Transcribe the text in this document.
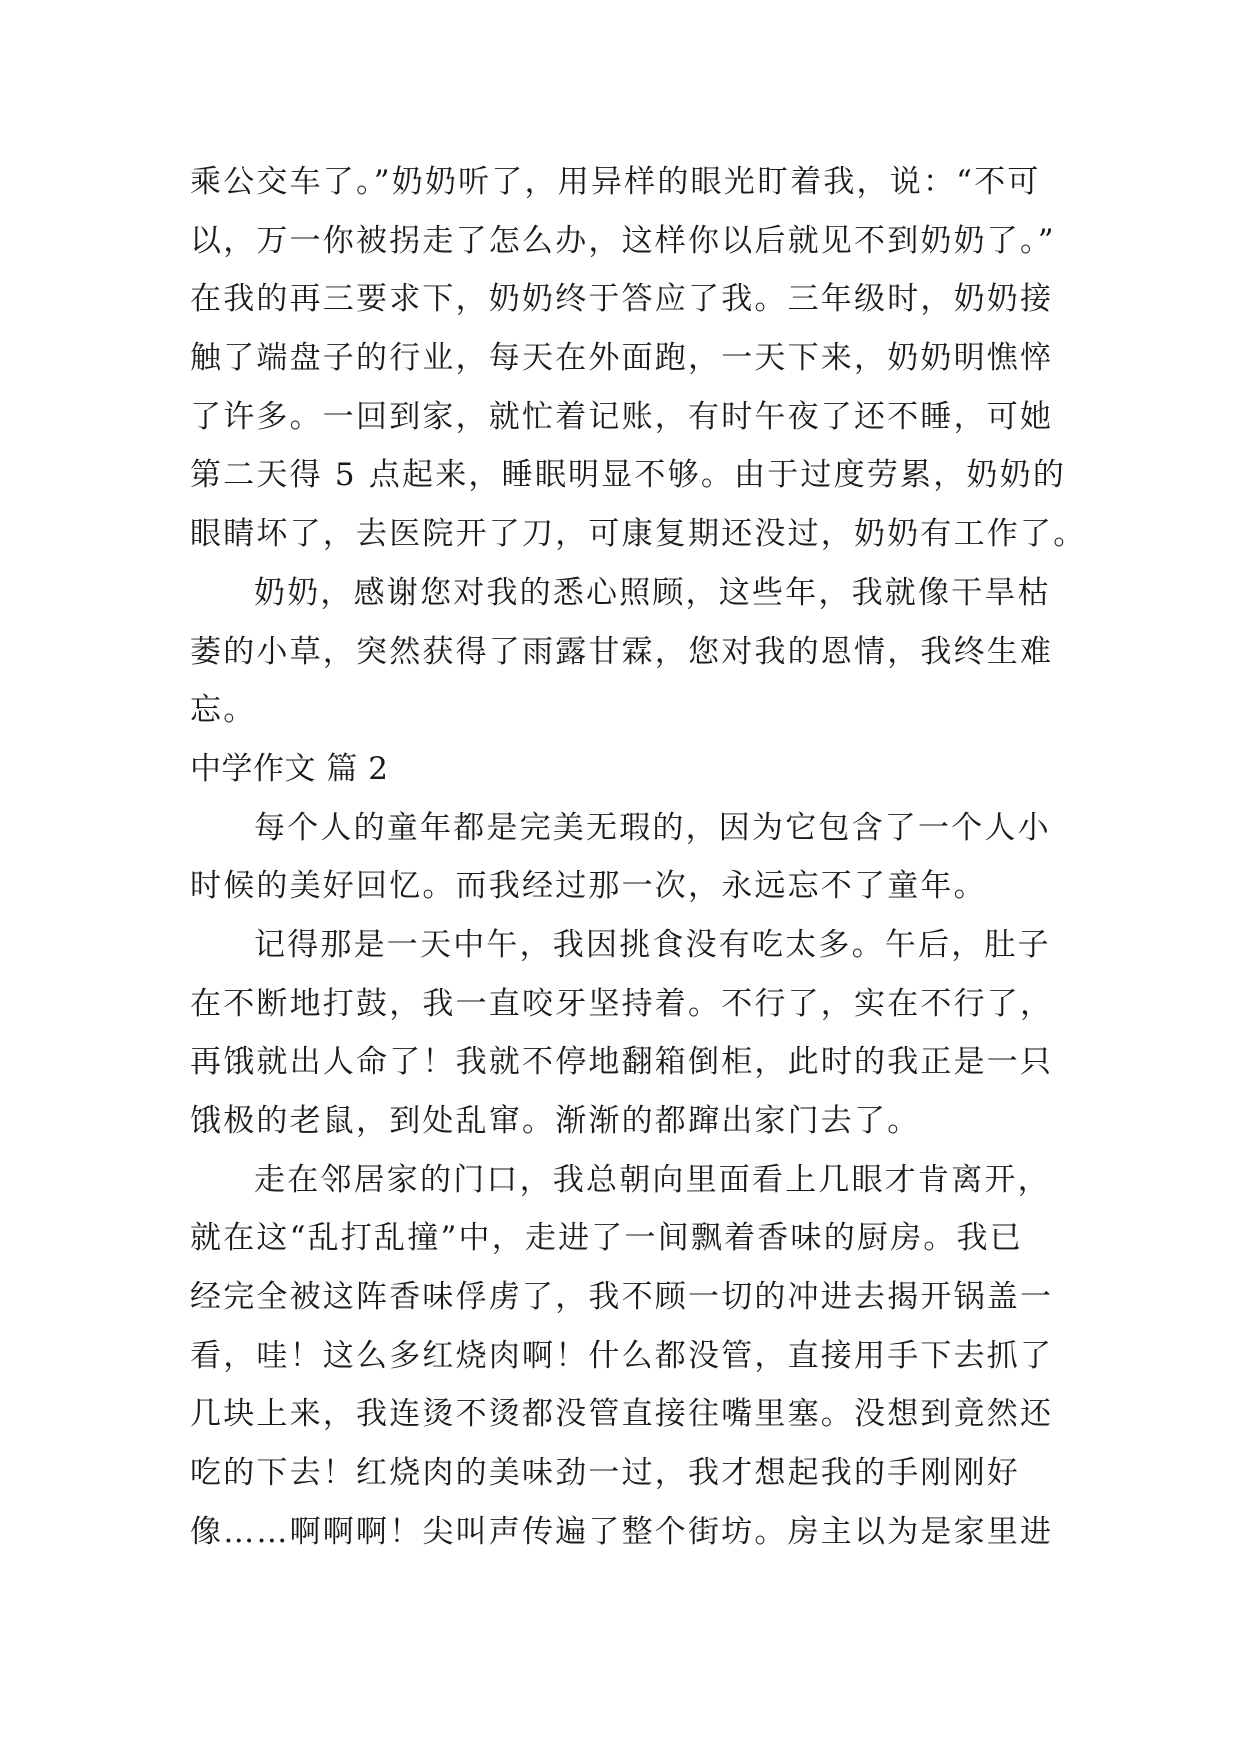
乘公交车了。”奶奶听了，用异样的眼光盯着我，说：“不可
以，万一你被拐走了怎么办，这样你以后就见不到奶奶了。”
在我的再三要求下，奶奶终于答应了我。三年级时，奶奶接
触了端盘子的行业，每天在外面跑，一天下来，奶奶明憔悴
了许多。一回到家，就忙着记账，有时午夜了还不睡，可她
第二天得 5 点起来，睡眠明显不够。由于过度劳累，奶奶的
眼睛坏了，去医院开了刀，可康复期还没过，奶奶有工作了。
奶奶，感谢您对我的悉心照顾，这些年，我就像干旱枯
萎的小草，突然获得了雨露甘霖，您对我的恩情，我终生难
忘。
中学作文 篇 2
每个人的童年都是完美无瑕的，因为它包含了一个人小
时候的美好回忆。而我经过那一次，永远忘不了童年。
记得那是一天中午，我因挑食没有吃太多。午后，肚子
在不断地打鼓，我一直咬牙坚持着。不行了，实在不行了，
再饿就出人命了！我就不停地翻箱倒柜，此时的我正是一只
饿极的老鼠，到处乱窜。渐渐的都蹿出家门去了。
走在邻居家的门口，我总朝向里面看上几眼才肯离开，
就在这“乱打乱撞”中，走进了一间飘着香味的厨房。我已
经完全被这阵香味俘虏了，我不顾一切的冲进去揭开锅盖一
看，哇！这么多红烧肉啊！什么都没管，直接用手下去抓了
几块上来，我连烫不烫都没管直接往嘴里塞。没想到竟然还
吃的下去！红烧肉的美味劲一过，我才想起我的手刚刚好
像……啊啊啊！尖叫声传遍了整个街坊。房主以为是家里进
